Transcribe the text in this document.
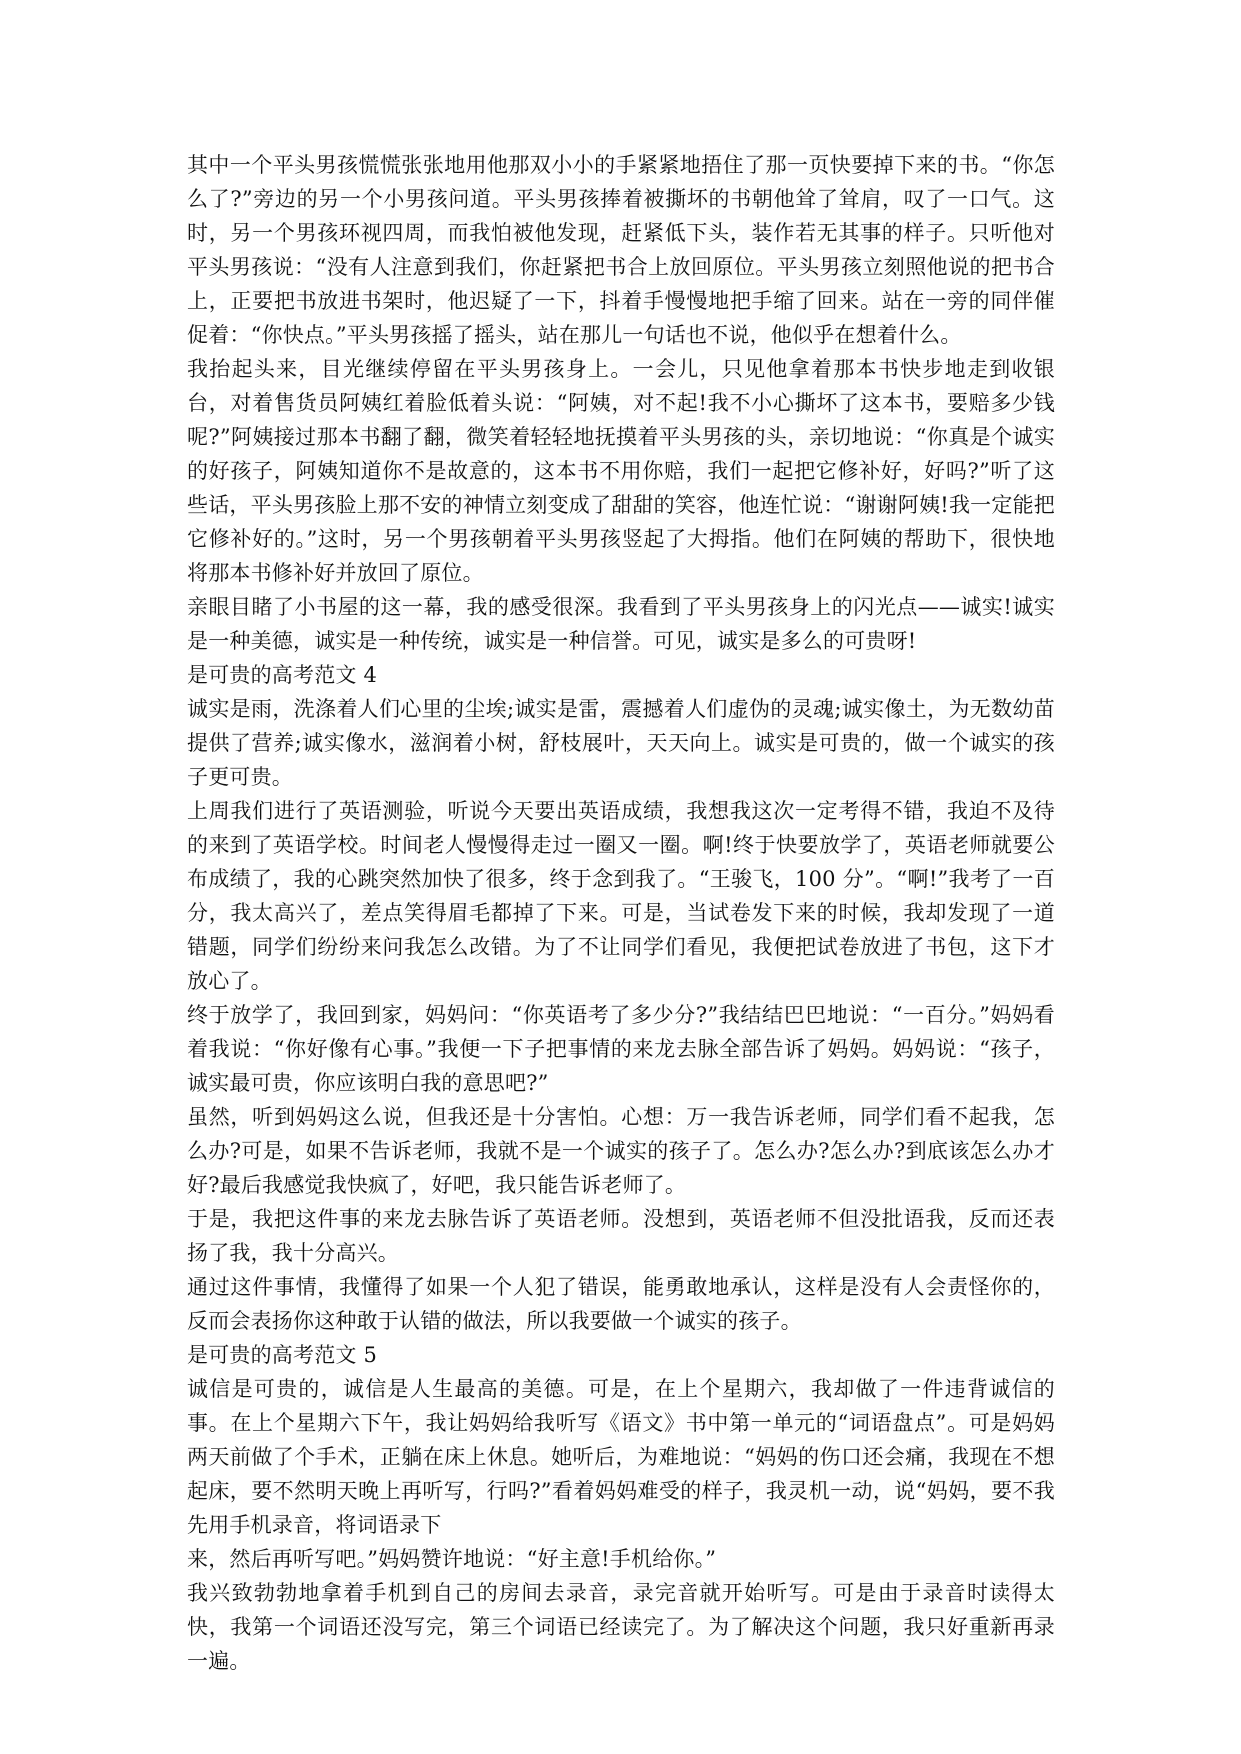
其中一个平头男孩慌慌张张地用他那双小小的手紧紧地捂住了那一页快要掉下来的书。“你怎么了?”旁边的另一个小男孩问道。平头男孩捧着被撕坏的书朝他耸了耸肩，叹了一口气。这时，另一个男孩环视四周，而我怕被他发现，赶紧低下头，装作若无其事的样子。只听他对平头男孩说：“没有人注意到我们，你赶紧把书合上放回原位。平头男孩立刻照他说的把书合上，正要把书放进书架时，他迟疑了一下，抖着手慢慢地把手缩了回来。站在一旁的同伴催促着：“你快点。”平头男孩摇了摇头，站在那儿一句话也不说，他似乎在想着什么。

我抬起头来，目光继续停留在平头男孩身上。一会儿，只见他拿着那本书快步地走到收银台，对着售货员阿姨红着脸低着头说：“阿姨，对不起!我不小心撕坏了这本书，要赔多少钱呢?”阿姨接过那本书翻了翻，微笑着轻轻地抚摸着平头男孩的头，亲切地说：“你真是个诚实的好孩子，阿姨知道你不是故意的，这本书不用你赔，我们一起把它修补好，好吗?”听了这些话，平头男孩脸上那不安的神情立刻变成了甜甜的笑容，他连忙说：“谢谢阿姨!我一定能把它修补好的。”这时，另一个男孩朝着平头男孩竖起了大拇指。他们在阿姨的帮助下，很快地将那本书修补好并放回了原位。

亲眼目睹了小书屋的这一幕，我的感受很深。我看到了平头男孩身上的闪光点——诚实!诚实是一种美德，诚实是一种传统，诚实是一种信誉。可见，诚实是多么的可贵呀!

是可贵的高考范文 4

诚实是雨，洗涤着人们心里的尘埃;诚实是雷，震撼着人们虚伪的灵魂;诚实像土，为无数幼苗提供了营养;诚实像水，滋润着小树，舒枝展叶，天天向上。诚实是可贵的，做一个诚实的孩子更可贵。

上周我们进行了英语测验，听说今天要出英语成绩，我想我这次一定考得不错，我迫不及待的来到了英语学校。时间老人慢慢得走过一圈又一圈。啊!终于快要放学了，英语老师就要公布成绩了，我的心跳突然加快了很多，终于念到我了。“王骏飞，100 分”。“啊!”我考了一百分，我太高兴了，差点笑得眉毛都掉了下来。可是，当试卷发下来的时候，我却发现了一道错题，同学们纷纷来问我怎么改错。为了不让同学们看见，我便把试卷放进了书包，这下才放心了。

终于放学了，我回到家，妈妈问：“你英语考了多少分?”我结结巴巴地说：“一百分。”妈妈看着我说：“你好像有心事。”我便一下子把事情的来龙去脉全部告诉了妈妈。妈妈说：“孩子，诚实最可贵，你应该明白我的意思吧?”

虽然，听到妈妈这么说，但我还是十分害怕。心想：万一我告诉老师，同学们看不起我，怎么办?可是，如果不告诉老师，我就不是一个诚实的孩子了。怎么办?怎么办?到底该怎么办才好?最后我感觉我快疯了，好吧，我只能告诉老师了。

于是，我把这件事的来龙去脉告诉了英语老师。没想到，英语老师不但没批语我，反而还表扬了我，我十分高兴。

通过这件事情，我懂得了如果一个人犯了错误，能勇敢地承认，这样是没有人会责怪你的，反而会表扬你这种敢于认错的做法，所以我要做一个诚实的孩子。

是可贵的高考范文 5

诚信是可贵的，诚信是人生最高的美德。可是，在上个星期六，我却做了一件违背诚信的事。在上个星期六下午，我让妈妈给我听写《语文》书中第一单元的“词语盘点”。可是妈妈两天前做了个手术，正躺在床上休息。她听后，为难地说：“妈妈的伤口还会痛，我现在不想起床，要不然明天晚上再听写，行吗?”看着妈妈难受的样子，我灵机一动，说“妈妈，要不我先用手机录音，将词语录下

来，然后再听写吧。”妈妈赞许地说：“好主意!手机给你。”

我兴致勃勃地拿着手机到自己的房间去录音，录完音就开始听写。可是由于录音时读得太快，我第一个词语还没写完，第三个词语已经读完了。为了解决这个问题，我只好重新再录一遍。
